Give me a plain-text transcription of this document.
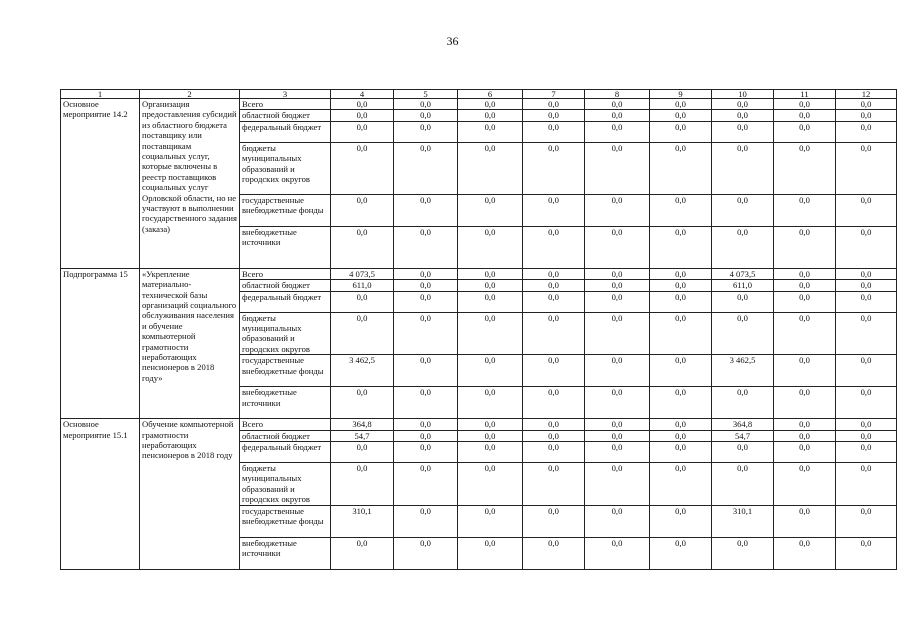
36
1	2	3	4	5	6	7	8	9	10	11	12
Основное мероприятие 14.2	Организация предоставления субсидий из областного бюджета поставщику или поставщикам социальных услуг, которые включены в реестр поставщиков социальных услуг Орловской области, но не участвуют в выполнении государственного задания (заказа)	Всего	0,0	0,0	0,0	0,0	0,0	0,0	0,0	0,0	0,0
		областной бюджет	0,0	0,0	0,0	0,0	0,0	0,0	0,0	0,0	0,0
		федеральный бюджет	0,0	0,0	0,0	0,0	0,0	0,0	0,0	0,0	0,0
		бюджеты муниципальных образований и городских округов	0,0	0,0	0,0	0,0	0,0	0,0	0,0	0,0	0,0
		государственные внебюджетные фонды	0,0	0,0	0,0	0,0	0,0	0,0	0,0	0,0	0,0
		внебюджетные источники	0,0	0,0	0,0	0,0	0,0	0,0	0,0	0,0	0,0
Подпрограмма 15	«Укрепление материально-технической базы организаций социального обслуживания населения и обучение компьютерной грамотности неработающих пенсионеров в 2018 году»	Всего	4 073,5	0,0	0,0	0,0	0,0	0,0	4 073,5	0,0	0,0
		областной бюджет	611,0	0,0	0,0	0,0	0,0	0,0	611,0	0,0	0,0
		федеральный бюджет	0,0	0,0	0,0	0,0	0,0	0,0	0,0	0,0	0,0
		бюджеты муниципальных образований и городских округов	0,0	0,0	0,0	0,0	0,0	0,0	0,0	0,0	0,0
		государственные внебюджетные фонды	3 462,5	0,0	0,0	0,0	0,0	0,0	3 462,5	0,0	0,0
		внебюджетные источники	0,0	0,0	0,0	0,0	0,0	0,0	0,0	0,0	0,0
Основное мероприятие 15.1	Обучение компьютерной грамотности неработающих пенсионеров в 2018 году	Всего	364,8	0,0	0,0	0,0	0,0	0,0	364,8	0,0	0,0
		областной бюджет	54,7	0,0	0,0	0,0	0,0	0,0	54,7	0,0	0,0
		федеральный бюджет	0,0	0,0	0,0	0,0	0,0	0,0	0,0	0,0	0,0
		бюджеты муниципальных образований и городских округов	0,0	0,0	0,0	0,0	0,0	0,0	0,0	0,0	0,0
		государственные внебюджетные фонды	310,1	0,0	0,0	0,0	0,0	0,0	310,1	0,0	0,0
		внебюджетные источники	0,0	0,0	0,0	0,0	0,0	0,0	0,0	0,0	0,0
